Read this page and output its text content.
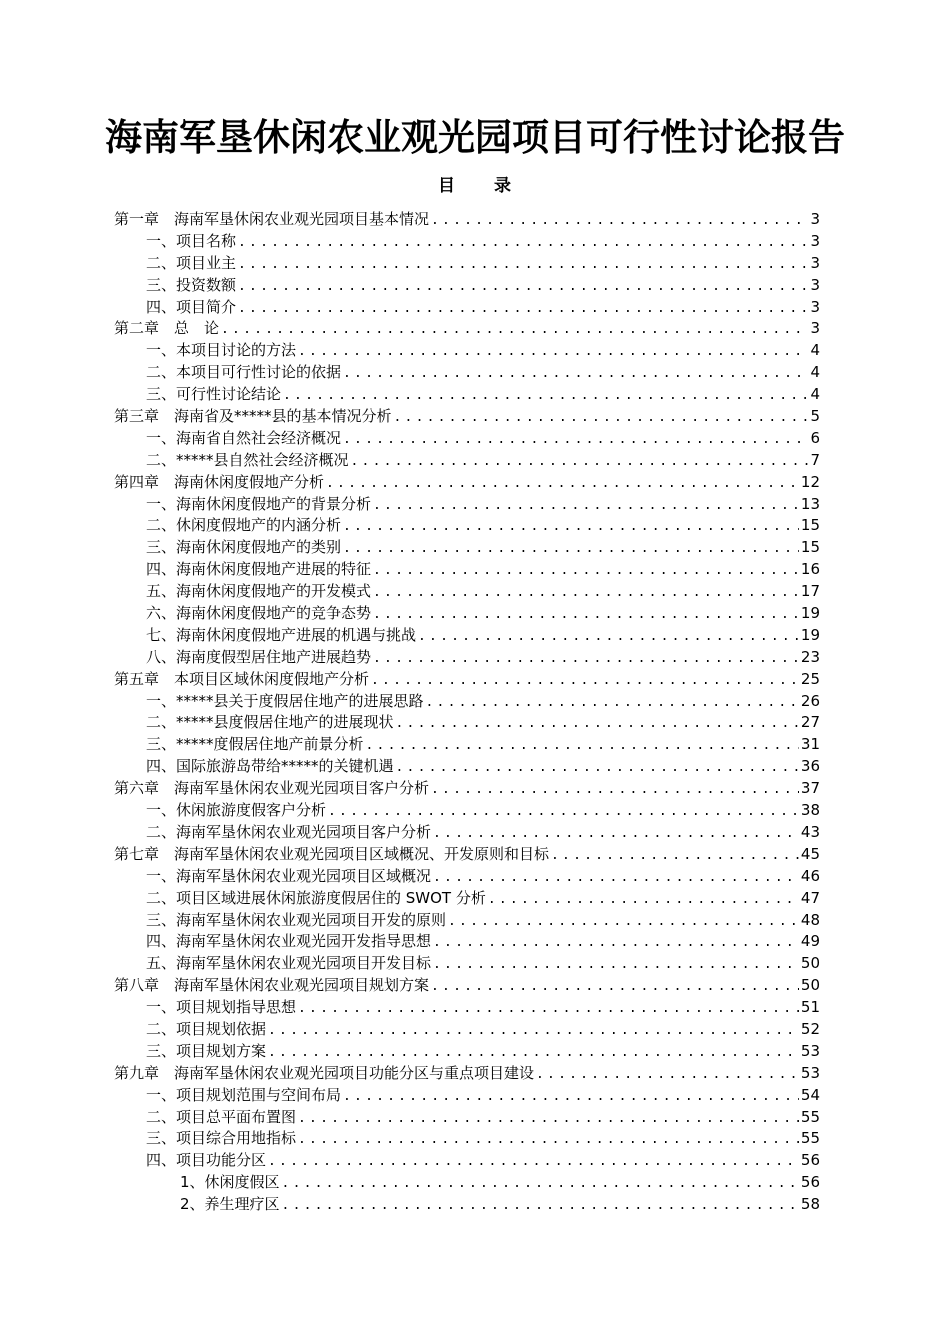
海南军垦休闲农业观光园项目可行性讨论报告
目 录
第一章　海南军垦休闲农业观光园项目基本情况 .....	3
一、项目名称 .....	3
二、项目业主 .....	3
三、投资数额 .....	3
四、项目简介 .....	3
第二章　总　论 .....	3
一、本项目讨论的方法 .....	4
二、本项目可行性讨论的依据 .....	4
三、可行性讨论结论 .....	4
第三章　海南省及*****县的基本情况分析 .....	5
一、海南省自然社会经济概况 .....	6
二、*****县自然社会经济概况 .....	7
第四章　海南休闲度假地产分析 .....	12
一、海南休闲度假地产的背景分析 .....	13
二、休闲度假地产的内涵分析 .....	15
三、海南休闲度假地产的类别 .....	15
四、海南休闲度假地产进展的特征 .....	16
五、海南休闲度假地产的开发模式 .....	17
六、海南休闲度假地产的竞争态势 .....	19
七、海南休闲度假地产进展的机遇与挑战 .....	19
八、海南度假型居住地产进展趋势 .....	23
第五章　本项目区域休闲度假地产分析 .....	25
一、*****县关于度假居住地产的进展思路 .....	26
二、*****县度假居住地产的进展现状 .....	27
三、*****度假居住地产前景分析 .....	31
四、国际旅游岛带给*****的关键机遇 .....	36
第六章　海南军垦休闲农业观光园项目客户分析 .....	37
一、休闲旅游度假客户分析 .....	38
二、海南军垦休闲农业观光园项目客户分析 .....	43
第七章　海南军垦休闲农业观光园项目区域概况、开发原则和目标 .....	45
一、海南军垦休闲农业观光园项目区域概况 .....	46
二、项目区域进展休闲旅游度假居住的 SWOT 分析 .....	47
三、海南军垦休闲农业观光园项目开发的原则 .....	48
四、海南军垦休闲农业观光园开发指导思想 .....	49
五、海南军垦休闲农业观光园项目开发目标 .....	50
第八章　海南军垦休闲农业观光园项目规划方案 .....	50
一、项目规划指导思想 .....	51
二、项目规划依据 .....	52
三、项目规划方案 .....	53
第九章　海南军垦休闲农业观光园项目功能分区与重点项目建设 .....	53
一、项目规划范围与空间布局 .....	54
二、项目总平面布置图 .....	55
三、项目综合用地指标 .....	55
四、项目功能分区 .....	56
1、休闲度假区 .....	56
2、养生理疗区 .....	58
